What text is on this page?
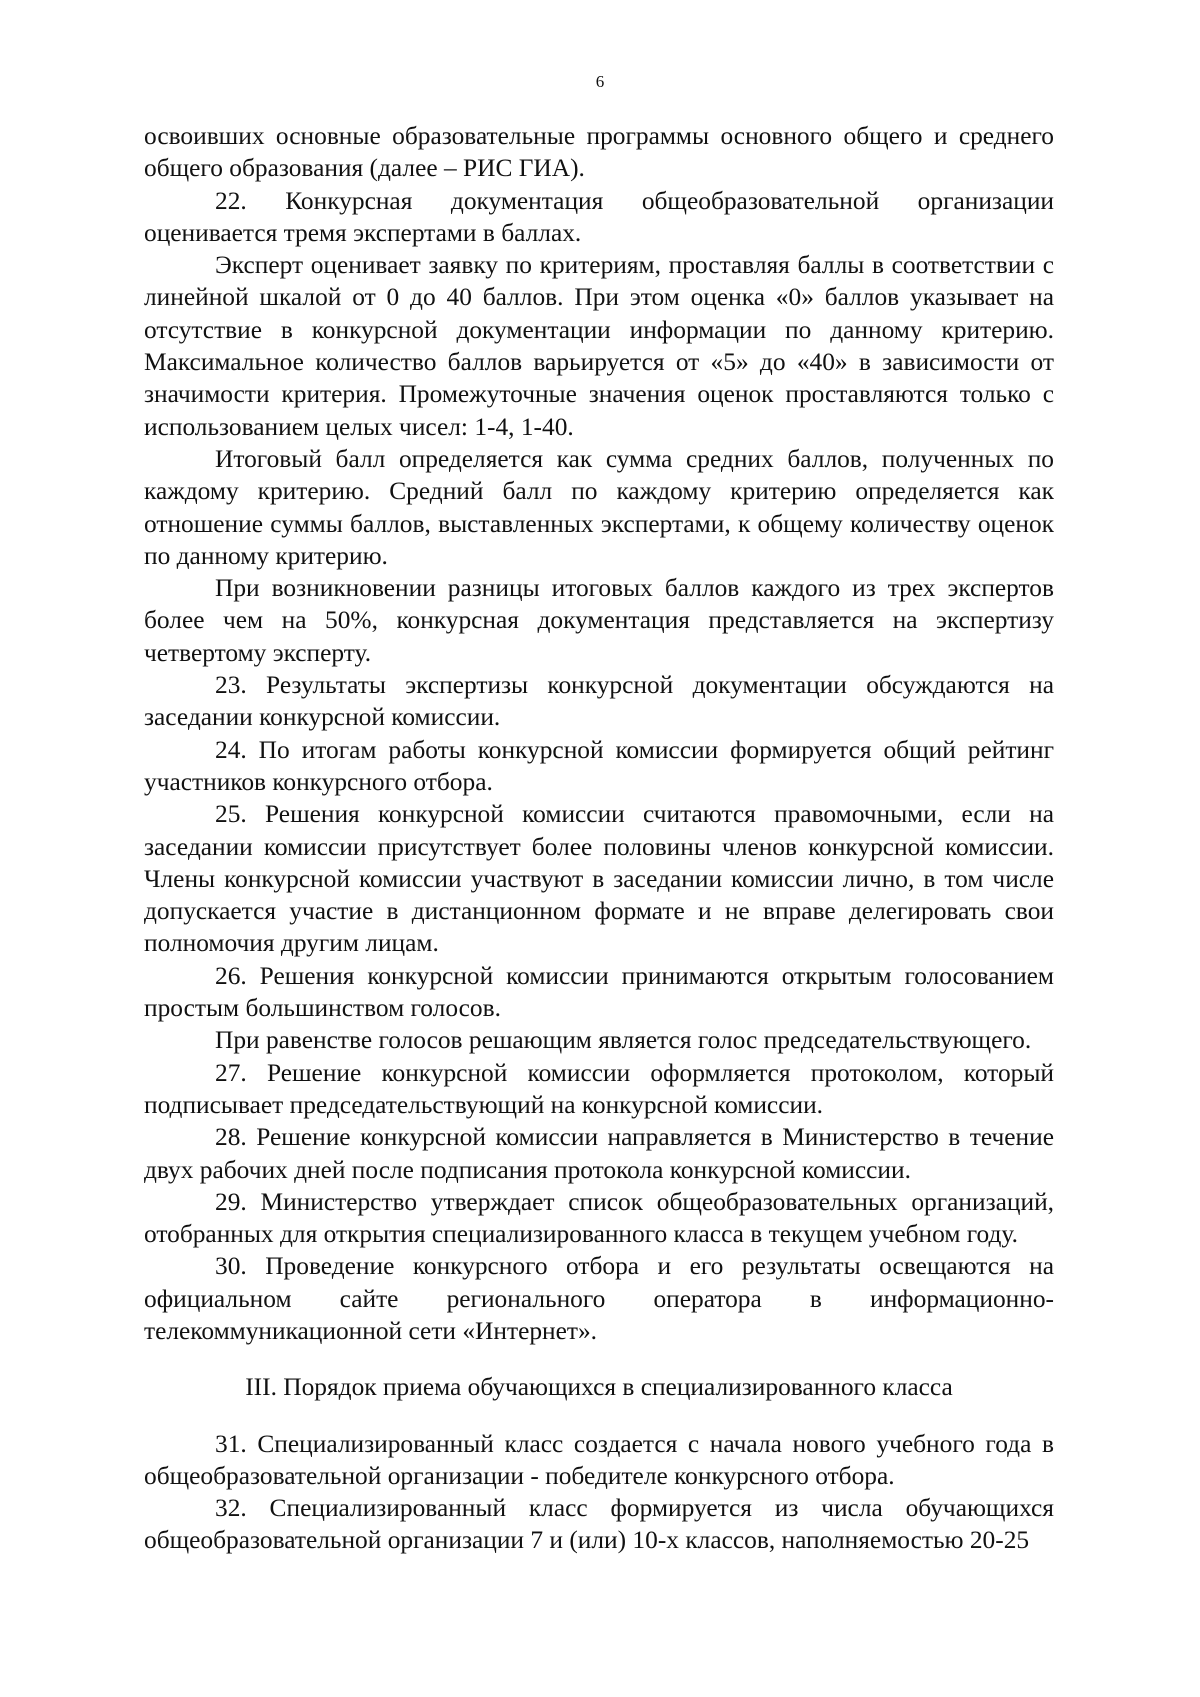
6

освоивших основные образовательные программы основного общего и среднего общего образования (далее – РИС ГИА).

22. Конкурсная документация общеобразовательной организации оценивается тремя экспертами в баллах.

Эксперт оценивает заявку по критериям, проставляя баллы в соответствии с линейной шкалой от 0 до 40 баллов. При этом оценка «0» баллов указывает на отсутствие в конкурсной документации информации по данному критерию. Максимальное количество баллов варьируется от «5» до «40» в зависимости от значимости критерия. Промежуточные значения оценок проставляются только с использованием целых чисел: 1-4, 1-40.

Итоговый балл определяется как сумма средних баллов, полученных по каждому критерию. Средний балл по каждому критерию определяется как отношение суммы баллов, выставленных экспертами, к общему количеству оценок по данному критерию.

При возникновении разницы итоговых баллов каждого из трех экспертов более чем на 50%, конкурсная документация представляется на экспертизу четвертому эксперту.

23. Результаты экспертизы конкурсной документации обсуждаются на заседании конкурсной комиссии.

24. По итогам работы конкурсной комиссии формируется общий рейтинг участников конкурсного отбора.

25. Решения конкурсной комиссии считаются правомочными, если на заседании комиссии присутствует более половины членов конкурсной комиссии. Члены конкурсной комиссии участвуют в заседании комиссии лично, в том числе допускается участие в дистанционном формате и не вправе делегировать свои полномочия другим лицам.

26. Решения конкурсной комиссии принимаются открытым голосованием простым большинством голосов.

При равенстве голосов решающим является голос председательствующего.

27. Решение конкурсной комиссии оформляется протоколом, который подписывает председательствующий на конкурсной комиссии.

28. Решение конкурсной комиссии направляется в Министерство в течение двух рабочих дней после подписания протокола конкурсной комиссии.

29. Министерство утверждает список общеобразовательных организаций, отобранных для открытия специализированного класса в текущем учебном году.

30. Проведение конкурсного отбора и его результаты освещаются на официальном сайте регионального оператора в информационно-телекоммуникационной сети «Интернет».

III. Порядок приема обучающихся в специализированного класса

31. Специализированный класс создается с начала нового учебного года в общеобразовательной организации - победителе конкурсного отбора.

32. Специализированный класс формируется из числа обучающихся общеобразовательной организации 7 и (или) 10-х классов, наполняемостью 20-25
